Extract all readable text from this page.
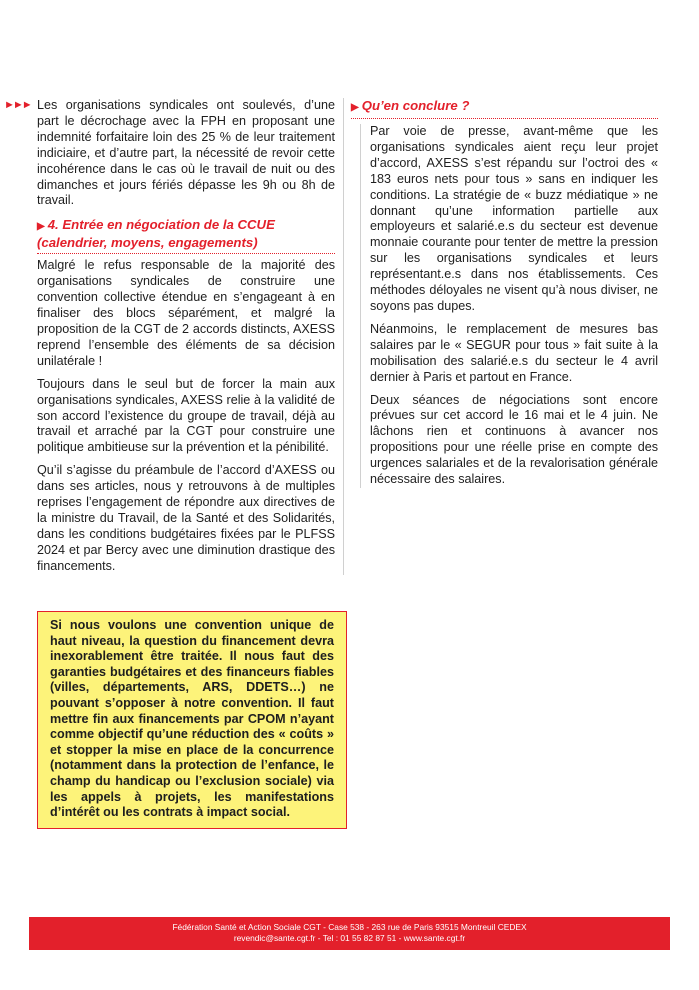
►►► Les organisations syndicales ont soulevés, d’une part le décrochage avec la FPH en proposant une indemnité forfaitaire loin des 25 % de leur traitement indiciaire, et d’autre part, la nécessité de revoir cette incohérence dans le cas où le travail de nuit ou des dimanches et jours fériés dépasse les 9h ou 8h de travail.

▶ 4. Entrée en négociation de la CCUE (calendrier, moyens, engagements)

Malgré le refus responsable de la majorité des organisations syndicales de construire une convention collective étendue en s’engageant à en finaliser des blocs séparément, et malgré la proposition de la CGT de 2 accords distincts, AXESS reprend l’ensemble des éléments de sa décision unilatérale !

Toujours dans le seul but de forcer la main aux organisations syndicales, AXESS relie à la validité de son accord l’existence du groupe de travail, déjà au travail et arraché par la CGT pour construire une politique ambitieuse sur la prévention et la pénibilité.

Qu’il s’agisse du préambule de l’accord d’AXESS ou dans ses articles, nous y retrouvons à de multiples reprises l’engagement de répondre aux directives de la ministre du Travail, de la Santé et des Solidarités, dans les conditions budgétaires fixées par le PLFSS 2024 et par Bercy avec une diminution drastique des financements.

Si nous voulons une convention unique de haut niveau, la question du financement devra inexorablement être traitée. Il nous faut des garanties budgétaires et des financeurs fiables (villes, départements, ARS, DDETS…) ne pouvant s’opposer à notre convention. Il faut mettre fin aux financements par CPOM n’ayant comme objectif qu’une réduction des « coûts » et stopper la mise en place de la concurrence (notamment dans la protection de l’enfance, le champ du handicap ou l’exclusion sociale) via les appels à projets, les manifestations d’intérêt ou les contrats à impact social.

▶ Qu’en conclure ?

Par voie de presse, avant-même que les organisations syndicales aient reçu leur projet d’accord, AXESS s’est répandu sur l’octroi des « 183 euros nets pour tous » sans en indiquer les conditions. La stratégie de « buzz médiatique » ne donnant qu’une information partielle aux employeurs et salarié.e.s du secteur est devenue monnaie courante pour tenter de mettre la pression sur les organisations syndicales et leurs représentant.e.s dans nos établissements. Ces méthodes déloyales ne visent qu’à nous diviser, ne soyons pas dupes.

Néanmoins, le remplacement de mesures bas salaires par le « SEGUR pour tous » fait suite à la mobilisation des salarié.e.s du secteur le 4 avril dernier à Paris et partout en France.

Deux séances de négociations sont encore prévues sur cet accord le 16 mai et le 4 juin. Ne lâchons rien et continuons à avancer nos propositions pour une réelle prise en compte des urgences salariales et de la revalorisation générale nécessaire des salaires.

Fédération Santé et Action Sociale CGT - Case 538 - 263 rue de Paris 93515 Montreuil CEDEX
revendic@sante.cgt.fr - Tel : 01 55 82 87 51 - www.sante.cgt.fr
